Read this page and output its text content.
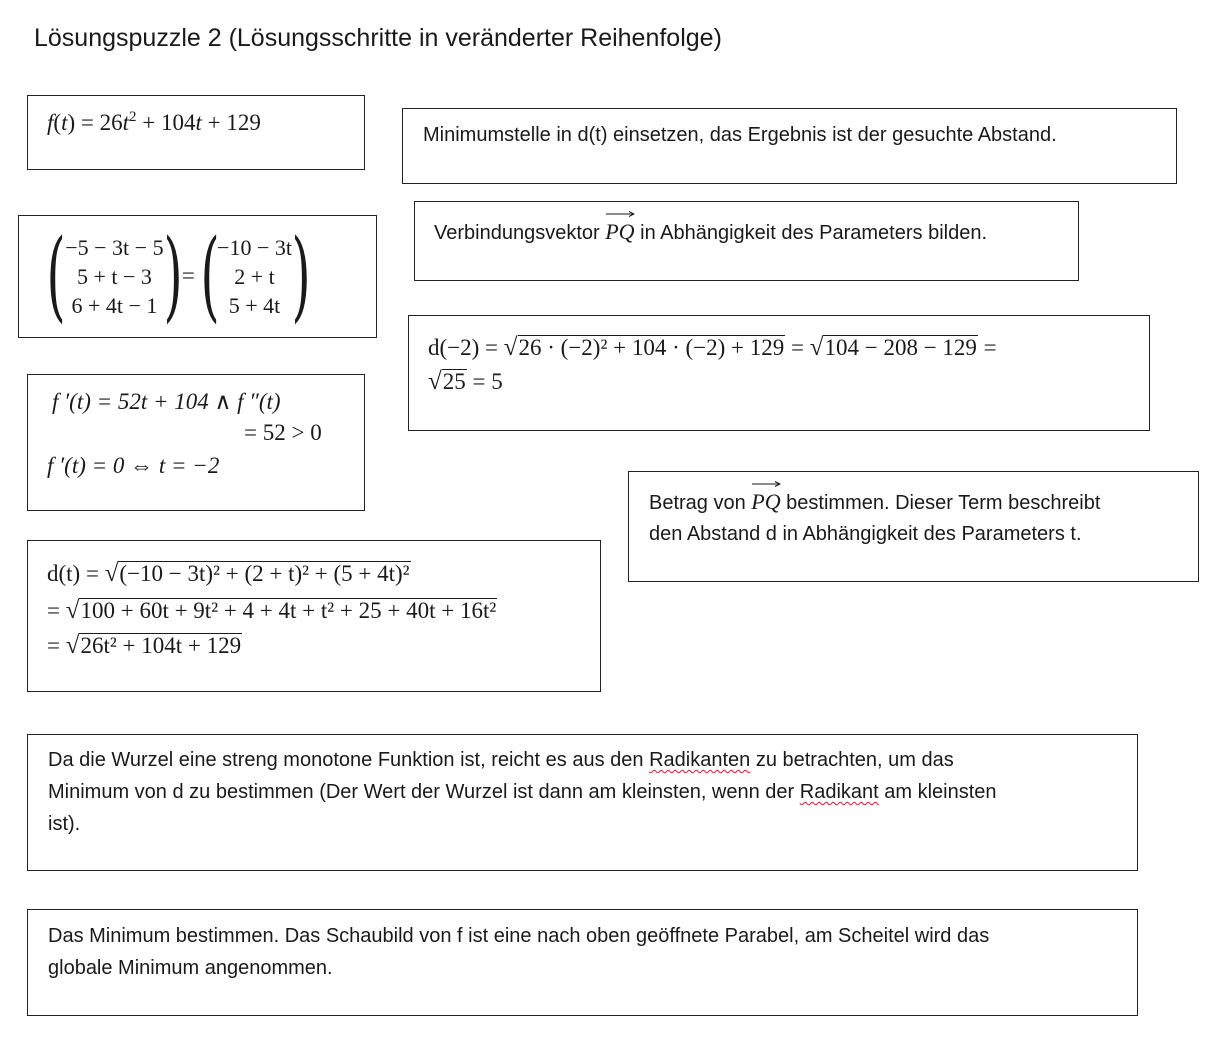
Lösungspuzzle 2 (Lösungsschritte in veränderter Reihenfolge)
$f(t) = 26t^2 + 104t + 129$	Minimumstelle in d(t) einsetzen, das Ergebnis ist der gesuchte Abstand.
( −5 − 3t − 5
5 + t − 3
6 + 4t − 1 ) = (
−10 − 3t
2 + t
5 + 4t )	Verbindungsvektor
PQ in Abhängigkeit des Parameters bilden.
d(−2) = √26 · (−2)² + 104 · (−2) + 129 = √104 − 208 − 129 =
√25 = 5
f ′(t) = 52t + 104 ∧ f ″(t)
= 52 > 0
f ′(t) = 0 ⇔ t = −2
Betrag von
PQ bestimmen. Dieser Term beschreibt
den Abstand d in Abhängigkeit des Parameters t.
d(t) = √(−10 − 3t)² + (2 + t)² + (5 + 4t)²
= √100 + 60t + 9t² + 4 + 4t + t² + 25 + 40t + 16t²
= √26t² + 104t + 129
Da die Wurzel eine streng monotone Funktion ist, reicht es aus den Radikanten zu betrachten, um das
Minimum von d zu bestimmen (Der Wert der Wurzel ist dann am kleinsten, wenn der Radikant am kleinsten
ist).
Das Minimum bestimmen. Das Schaubild von f ist eine nach oben geöffnete Parabel, am Scheitel wird das
globale Minimum angenommen.
